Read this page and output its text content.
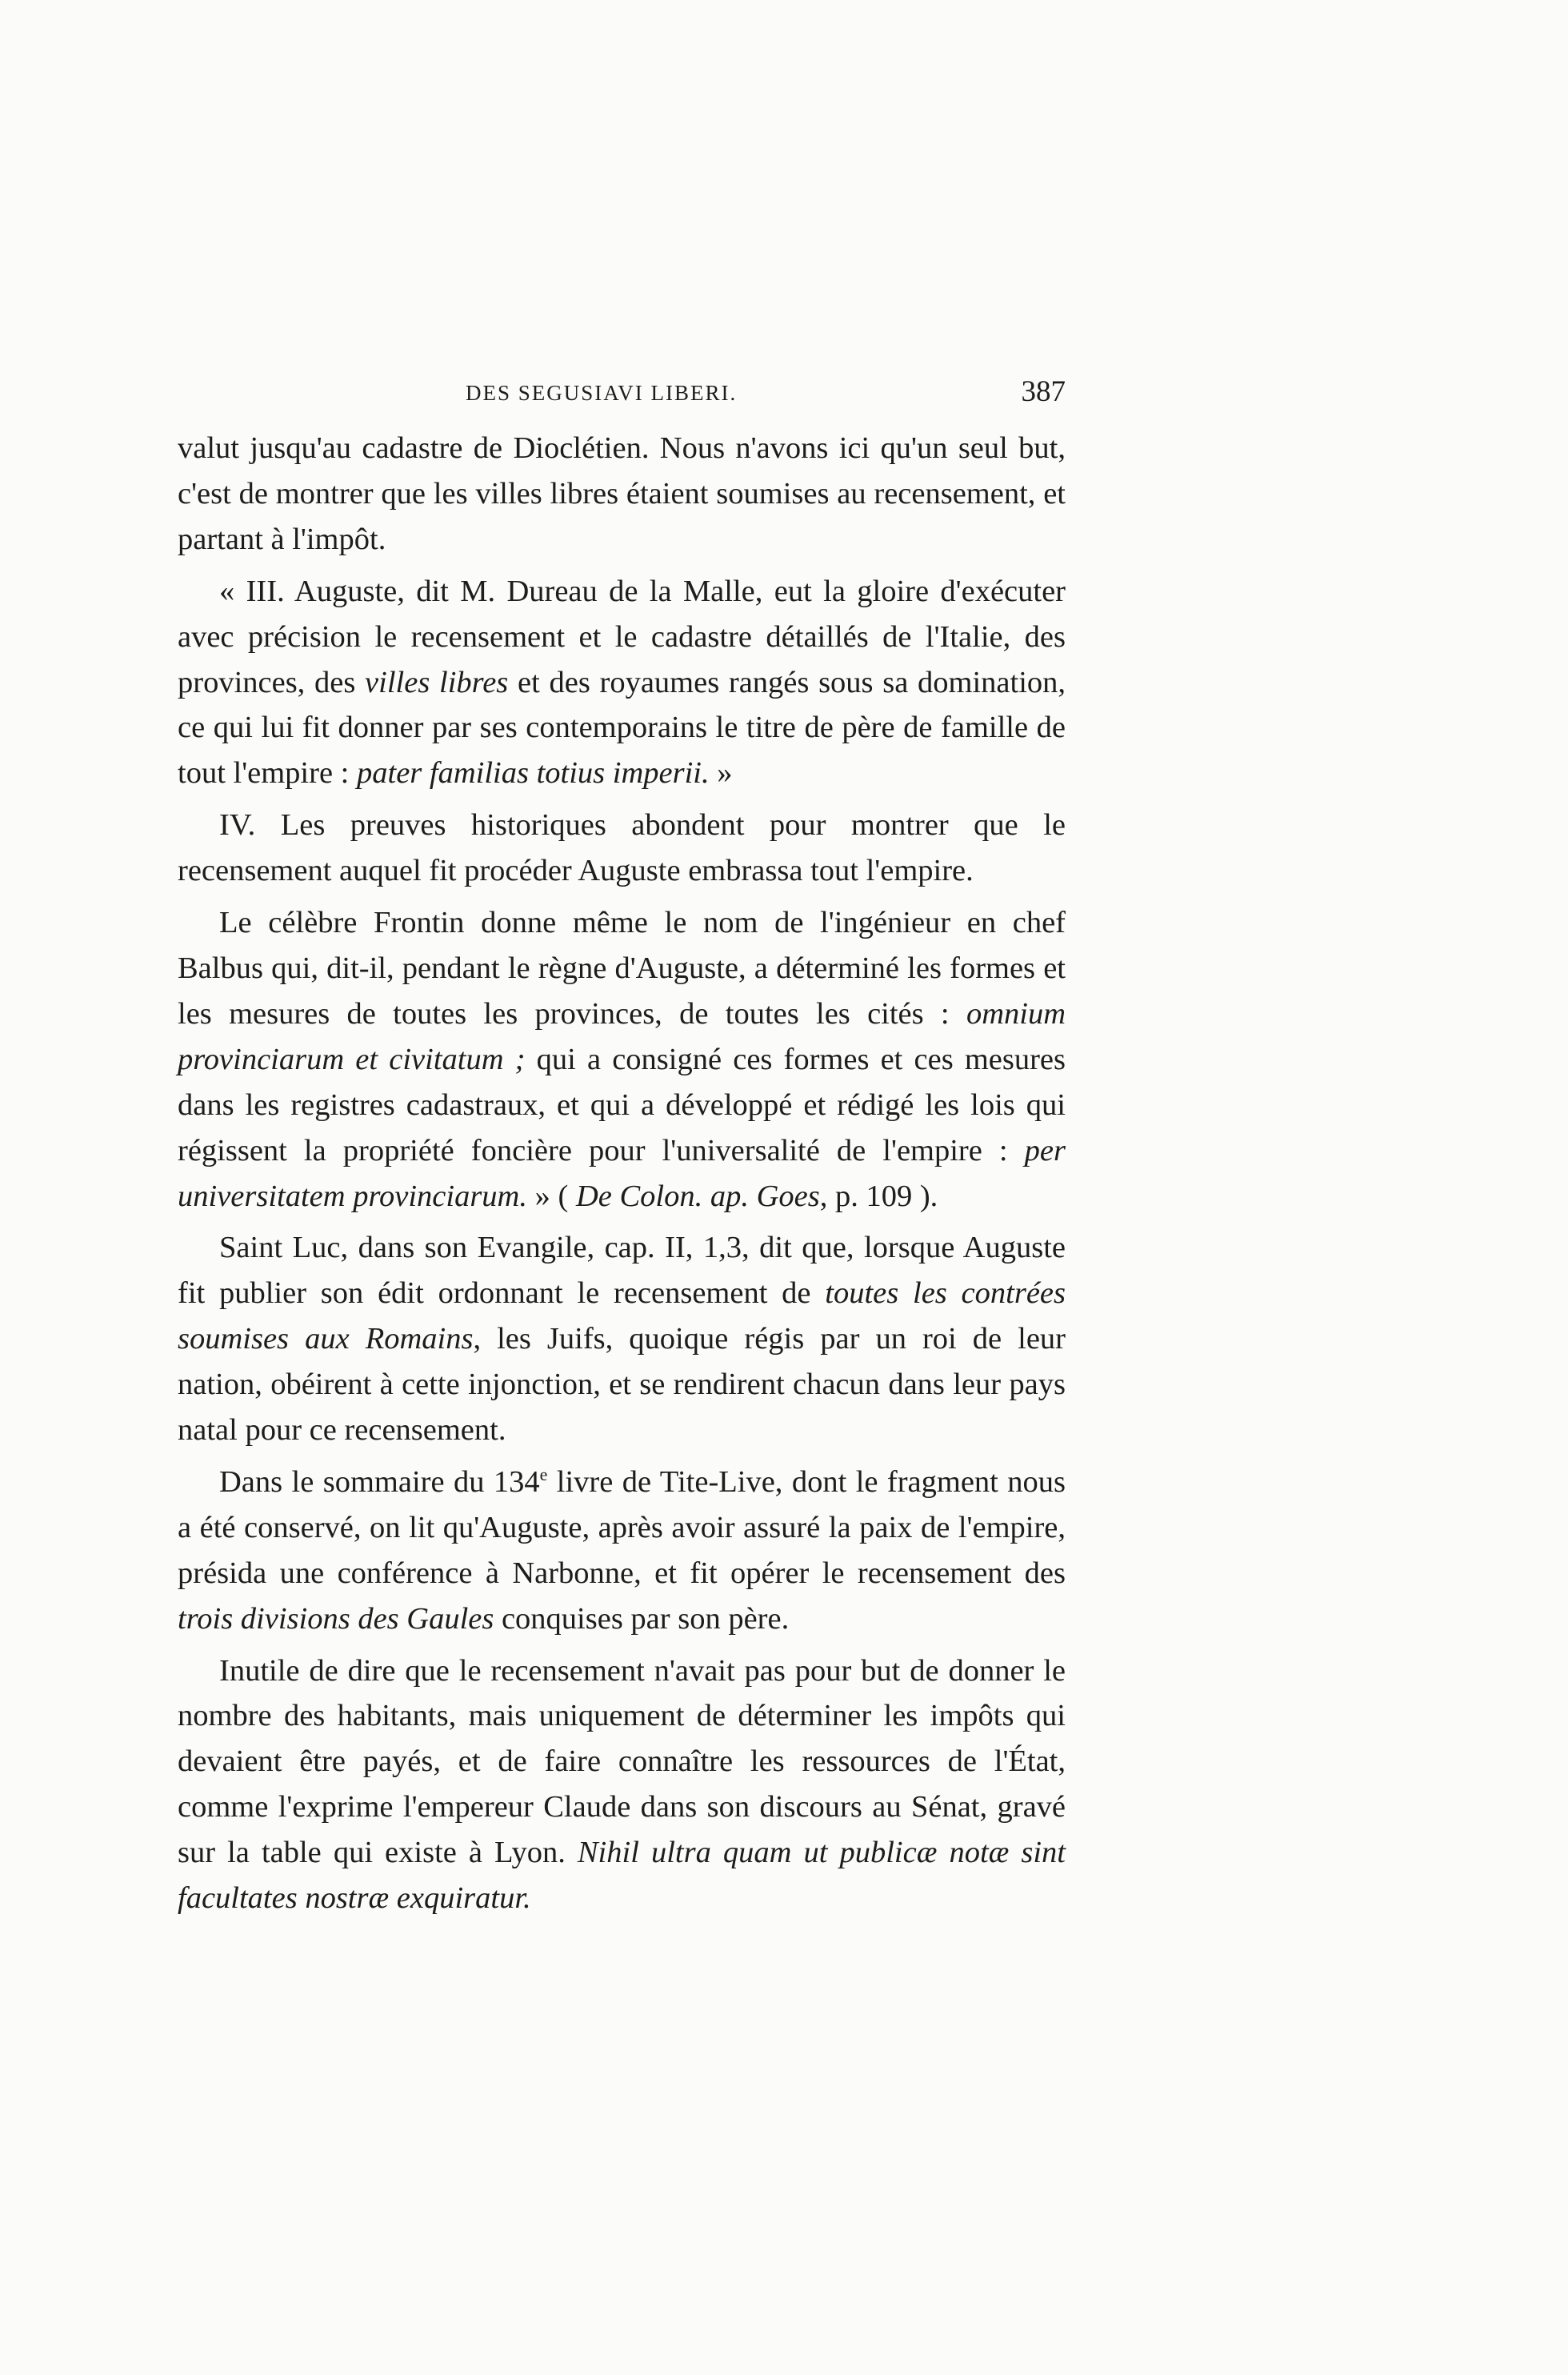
DES SEGUSIAVI LIBERI.	387

valut jusqu'au cadastre de Dioclétien. Nous n'avons ici qu'un seul but, c'est de montrer que les villes libres étaient soumises au recensement, et partant à l'impôt.

« III. Auguste, dit M. Dureau de la Malle, eut la gloire d'exécuter avec précision le recensement et le cadastre détaillés de l'Italie, des provinces, des villes libres et des royaumes rangés sous sa domination, ce qui lui fit donner par ses contemporains le titre de père de famille de tout l'empire : pater familias totius imperii. »

IV. Les preuves historiques abondent pour montrer que le recensement auquel fit procéder Auguste embrassa tout l'empire.

Le célèbre Frontin donne même le nom de l'ingénieur en chef Balbus qui, dit-il, pendant le règne d'Auguste, a déterminé les formes et les mesures de toutes les provinces, de toutes les cités : omnium provinciarum et civitatum ; qui a consigné ces formes et ces mesures dans les registres cadastraux, et qui a développé et rédigé les lois qui régissent la propriété foncière pour l'universalité de l'empire : per universitatem provinciarum. » ( De Colon. ap. Goes, p. 109 ).

Saint Luc, dans son Evangile, cap. II, 1,3, dit que, lorsque Auguste fit publier son édit ordonnant le recensement de toutes les contrées soumises aux Romains, les Juifs, quoique régis par un roi de leur nation, obéirent à cette injonction, et se rendirent chacun dans leur pays natal pour ce recensement.

Dans le sommaire du 134e livre de Tite-Live, dont le fragment nous a été conservé, on lit qu'Auguste, après avoir assuré la paix de l'empire, présida une conférence à Narbonne, et fit opérer le recensement des trois divisions des Gaules conquises par son père.

Inutile de dire que le recensement n'avait pas pour but de donner le nombre des habitants, mais uniquement de déterminer les impôts qui devaient être payés, et de faire connaître les ressources de l'État, comme l'exprime l'empereur Claude dans son discours au Sénat, gravé sur la table qui existe à Lyon. Nihil ultra quam ut publicæ notæ sint facultates nostræ exquiratur.
